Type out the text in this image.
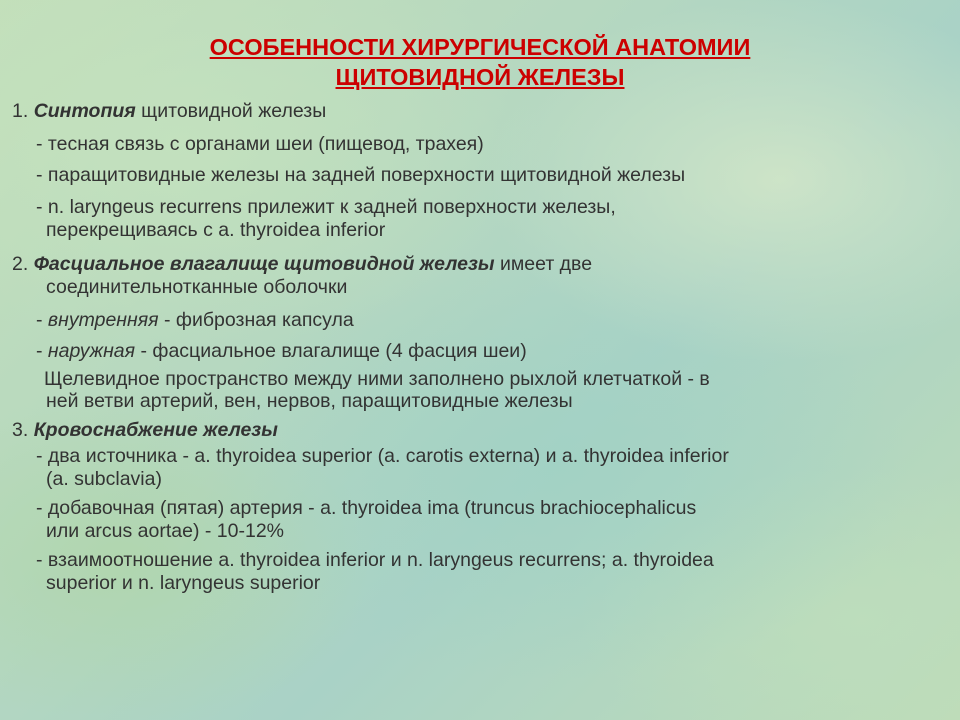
ОСОБЕННОСТИ ХИРУРГИЧЕСКОЙ АНАТОМИИ
ЩИТОВИДНОЙ ЖЕЛЕЗЫ
1. Синтопия щитовидной железы
- тесная связь с органами шеи (пищевод, трахея)
- паращитовидные железы на задней поверхности щитовидной железы
- n. laryngeus recurrens прилежит к задней поверхности железы,
перекрещиваясь с a. thyroidea inferior
2. Фасциальное влагалище щитовидной железы имеет две
соединительнотканные оболочки
- внутренняя - фиброзная капсула
- наружная - фасциальное влагалище (4 фасция шеи)
Щелевидное пространство между ними заполнено рыхлой клетчаткой - в
ней ветви артерий, вен, нервов, паращитовидные железы
3. Кровоснабжение железы
- два источника - a. thyroidea superior (a. carotis externa) и a. thyroidea inferior
(a. subclavia)
- добавочная (пятая) артерия - a. thyroidea ima (truncus brachiocephalicus
или arcus aortae) - 10-12%
- взаимоотношение a. thyroidea inferior и n. laryngeus recurrens; a. thyroidea
superior и n. laryngeus superior
